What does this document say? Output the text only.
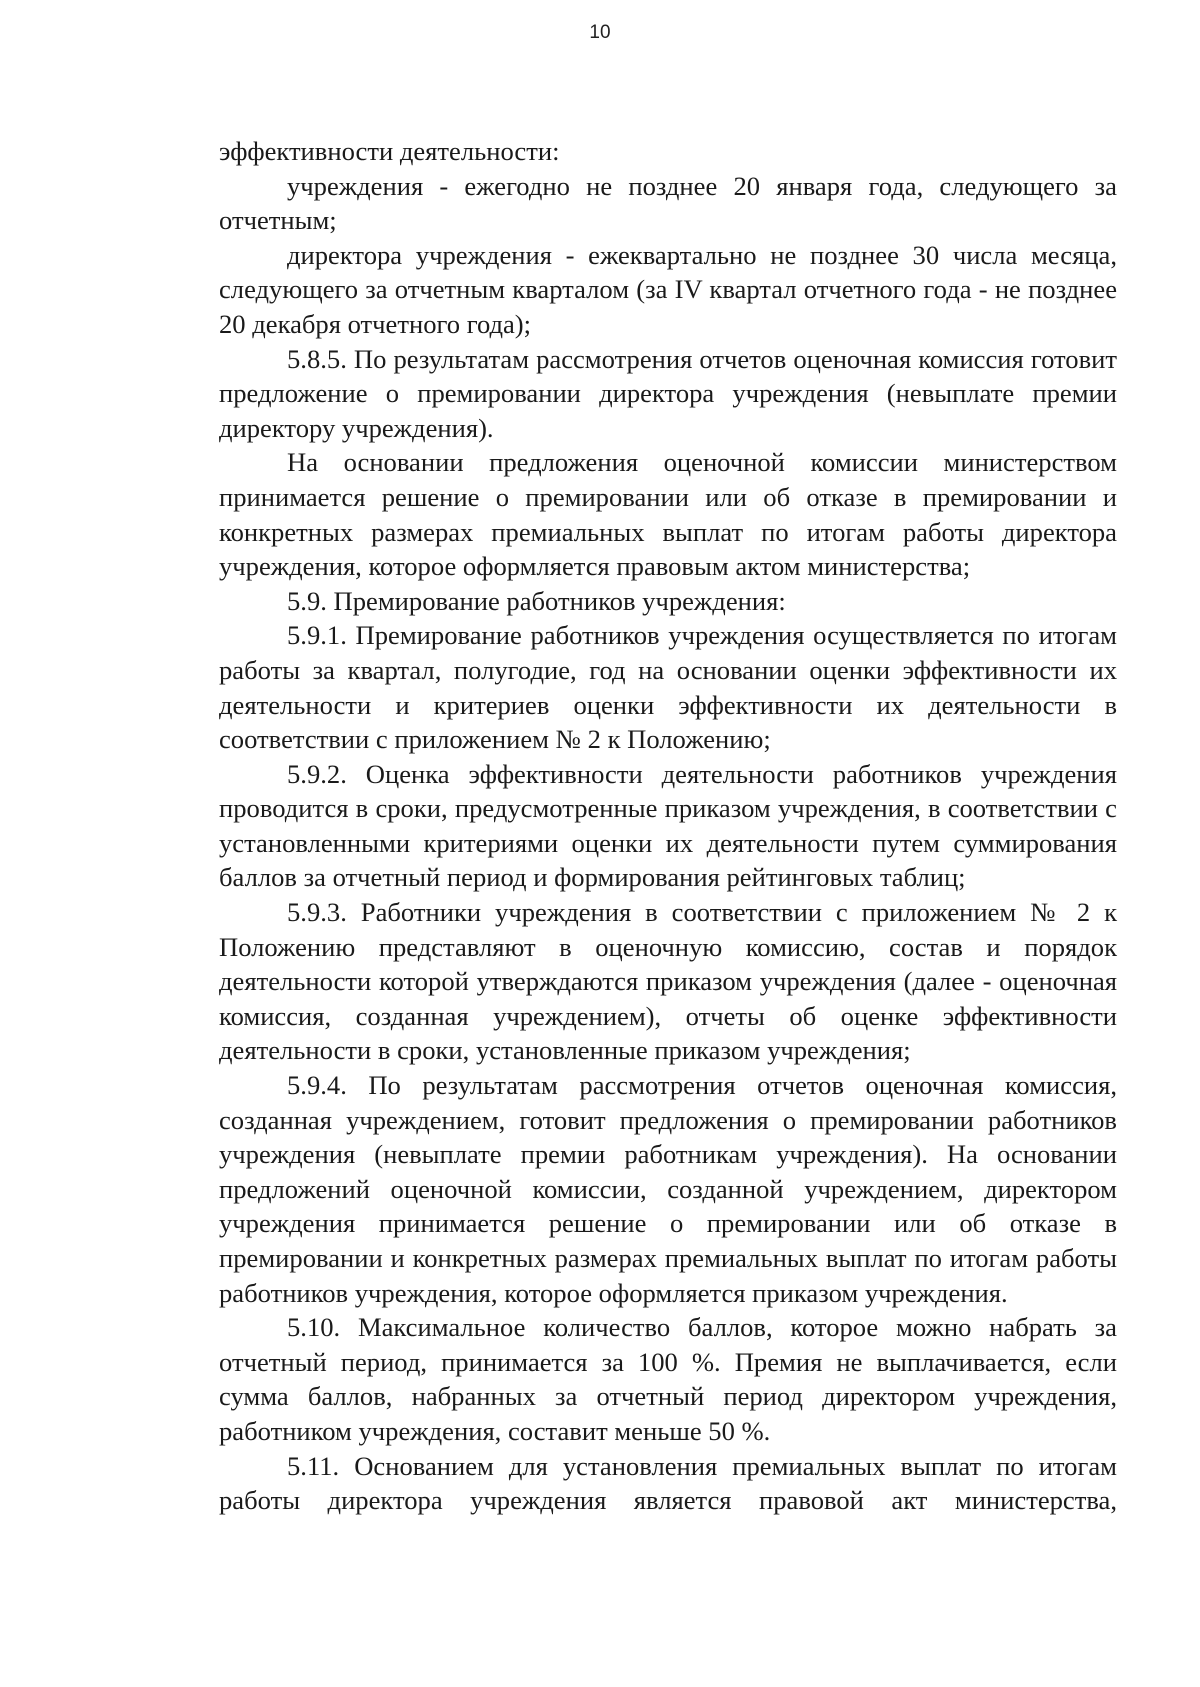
10

эффективности деятельности:

учреждения - ежегодно не позднее 20 января года, следующего за отчетным;

директора учреждения - ежеквартально не позднее 30 числа месяца, следующего за отчетным кварталом (за IV квартал отчетного года - не позднее 20 декабря отчетного года);

5.8.5. По результатам рассмотрения отчетов оценочная комиссия готовит предложение о премировании директора учреждения (невыплате премии директору учреждения).

На основании предложения оценочной комиссии министерством принимается решение о премировании или об отказе в премировании и конкретных размерах премиальных выплат по итогам работы директора учреждения, которое оформляется правовым актом министерства;

5.9. Премирование работников учреждения:

5.9.1. Премирование работников учреждения осуществляется по итогам работы за квартал, полугодие, год на основании оценки эффективности их деятельности и критериев оценки эффективности их деятельности в соответствии с приложением № 2 к Положению;

5.9.2. Оценка эффективности деятельности работников учреждения проводится в сроки, предусмотренные приказом учреждения, в соответствии с установленными критериями оценки их деятельности путем суммирования баллов за отчетный период и формирования рейтинговых таблиц;

5.9.3. Работники учреждения в соответствии с приложением № 2 к Положению представляют в оценочную комиссию, состав и порядок деятельности которой утверждаются приказом учреждения (далее - оценочная комиссия, созданная учреждением), отчеты об оценке эффективности деятельности в сроки, установленные приказом учреждения;

5.9.4. По результатам рассмотрения отчетов оценочная комиссия, созданная учреждением, готовит предложения о премировании работников учреждения (невыплате премии работникам учреждения). На основании предложений оценочной комиссии, созданной учреждением, директором учреждения принимается решение о премировании или об отказе в премировании и конкретных размерах премиальных выплат по итогам работы работников учреждения, которое оформляется приказом учреждения.

5.10. Максимальное количество баллов, которое можно набрать за отчетный период, принимается за 100 %. Премия не выплачивается, если сумма баллов, набранных за отчетный период директором учреждения, работником учреждения, составит меньше 50 %.

5.11. Основанием для установления премиальных выплат по итогам работы директора учреждения является правовой акт министерства,
